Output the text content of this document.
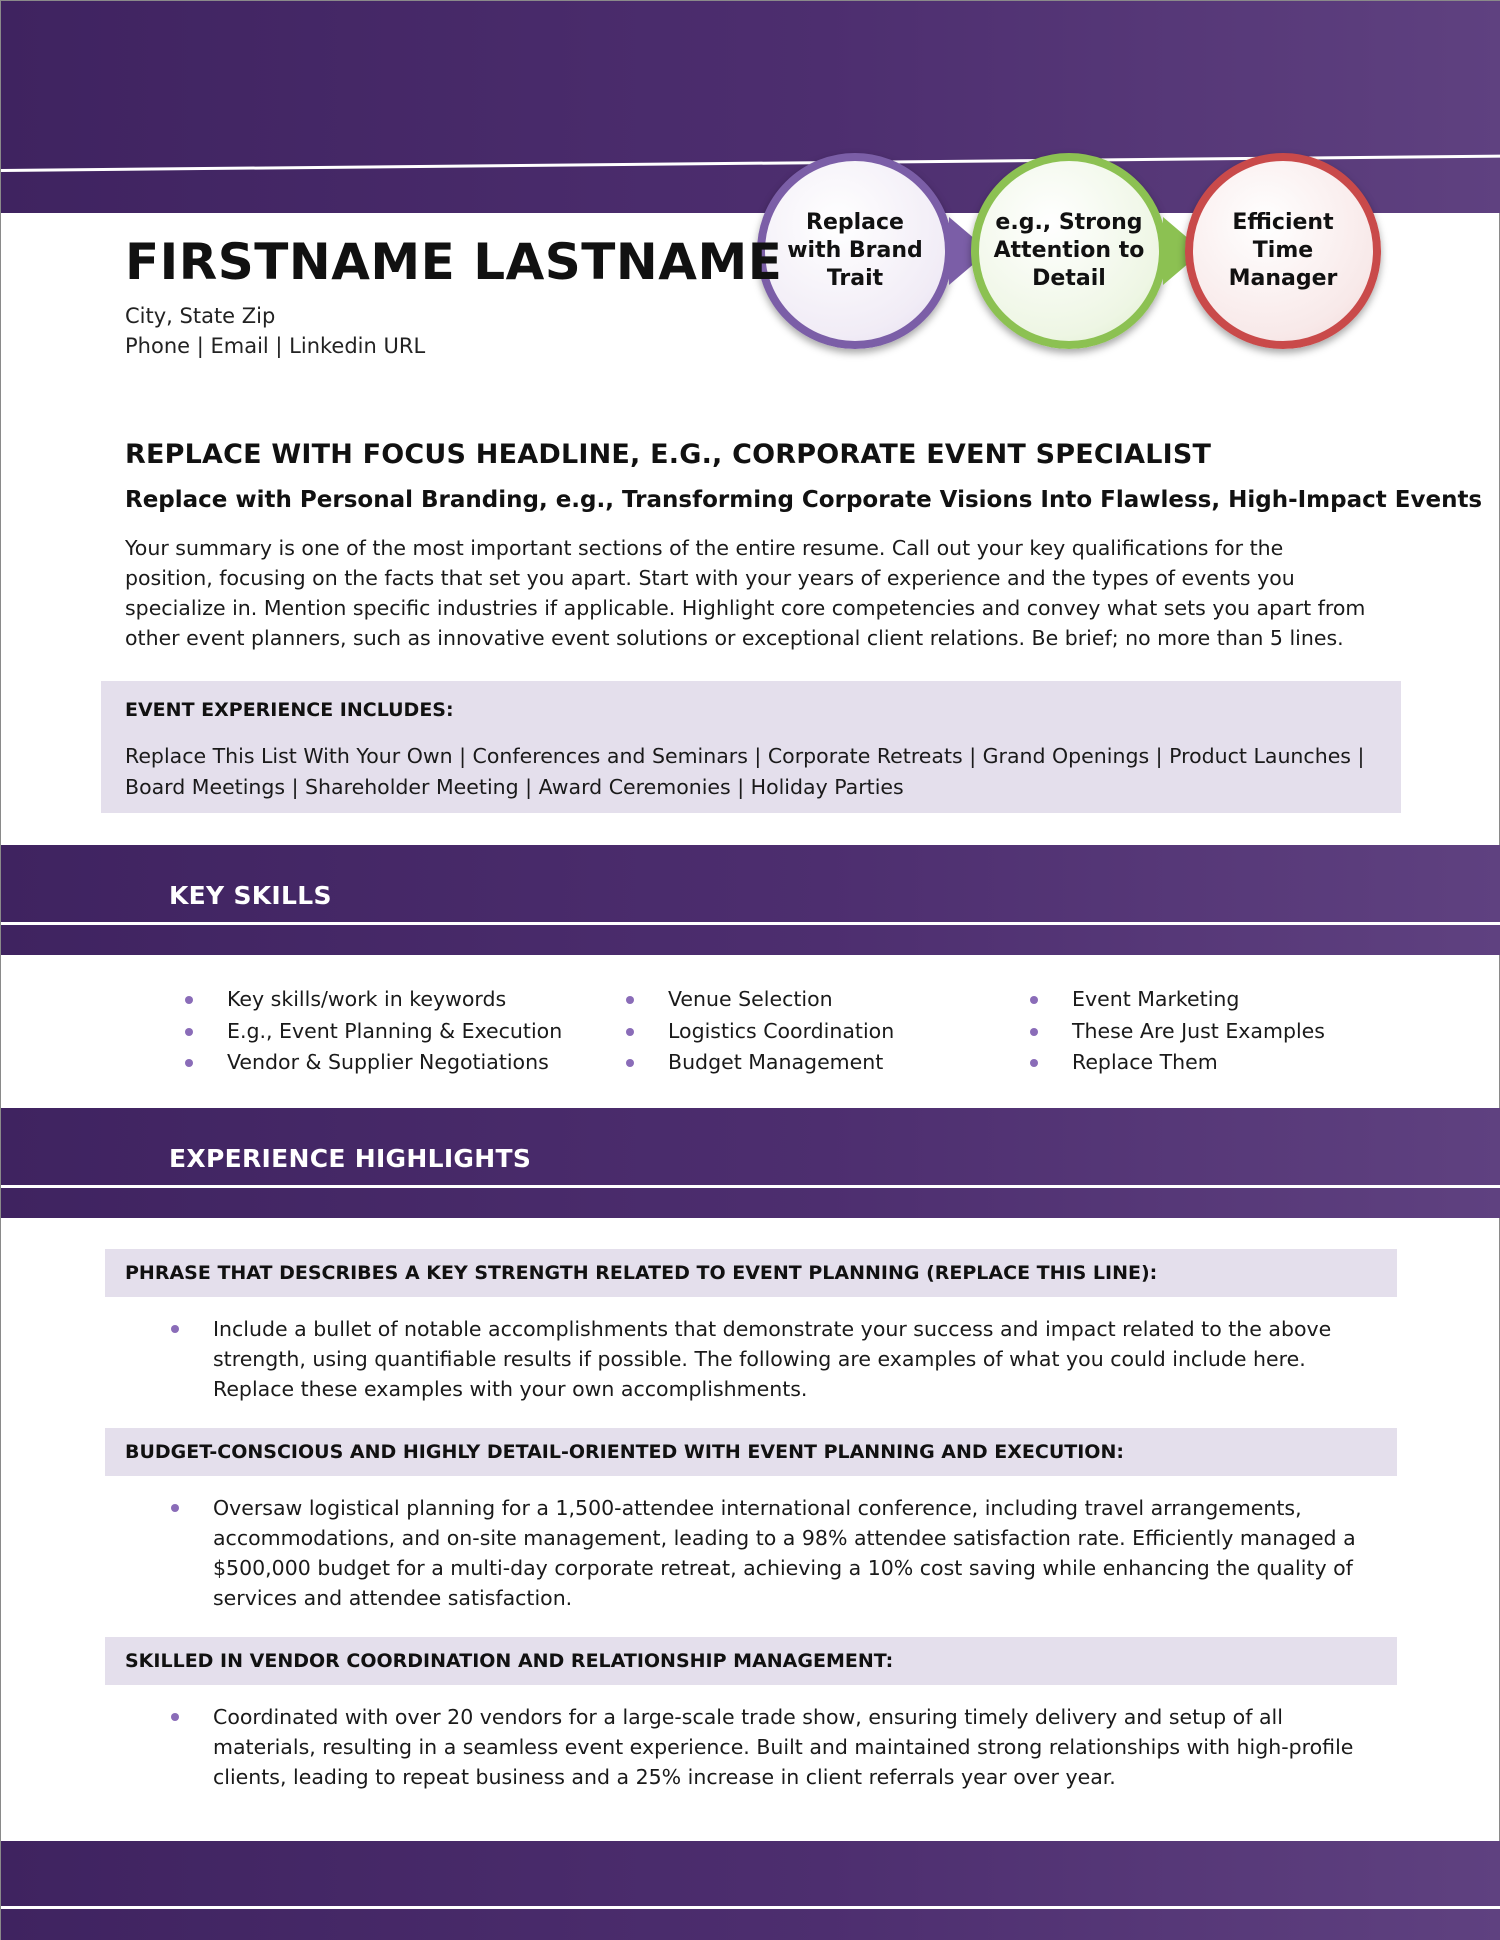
Replace
with Brand
Trait
e.g., Strong
Attention to
Detail
Efficient
Time
Manager
FIRSTNAME LASTNAME
City, State Zip
Phone | Email | Linkedin URL
REPLACE WITH FOCUS HEADLINE, E.G., CORPORATE EVENT SPECIALIST
Replace with Personal Branding, e.g., Transforming Corporate Visions Into Flawless, High-Impact Events
Your summary is one of the most important sections of the entire resume. Call out your key qualifications for the position, focusing on the facts that set you apart. Start with your years of experience and the types of events you specialize in. Mention specific industries if applicable. Highlight core competencies and convey what sets you apart from other event planners, such as innovative event solutions or exceptional client relations. Be brief; no more than 5 lines.
EVENT EXPERIENCE INCLUDES:
Replace This List With Your Own | Conferences and Seminars | Corporate Retreats | Grand Openings | Product Launches | Board Meetings | Shareholder Meeting | Award Ceremonies | Holiday Parties
KEY SKILLS
Key skills/work in keywords
E.g., Event Planning & Execution
Vendor & Supplier Negotiations
Venue Selection
Logistics Coordination
Budget Management
Event Marketing
These Are Just Examples
Replace Them
EXPERIENCE HIGHLIGHTS
PHRASE THAT DESCRIBES A KEY STRENGTH RELATED TO EVENT PLANNING (REPLACE THIS LINE):
Include a bullet of notable accomplishments that demonstrate your success and impact related to the above strength, using quantifiable results if possible. The following are examples of what you could include here. Replace these examples with your own accomplishments.
BUDGET-CONSCIOUS AND HIGHLY DETAIL-ORIENTED WITH EVENT PLANNING AND EXECUTION:
Oversaw logistical planning for a 1,500-attendee international conference, including travel arrangements, accommodations, and on-site management, leading to a 98% attendee satisfaction rate. Efficiently managed a $500,000 budget for a multi-day corporate retreat, achieving a 10% cost saving while enhancing the quality of services and attendee satisfaction.
SKILLED IN VENDOR COORDINATION AND RELATIONSHIP MANAGEMENT:
Coordinated with over 20 vendors for a large-scale trade show, ensuring timely delivery and setup of all materials, resulting in a seamless event experience. Built and maintained strong relationships with high-profile clients, leading to repeat business and a 25% increase in client referrals year over year.
